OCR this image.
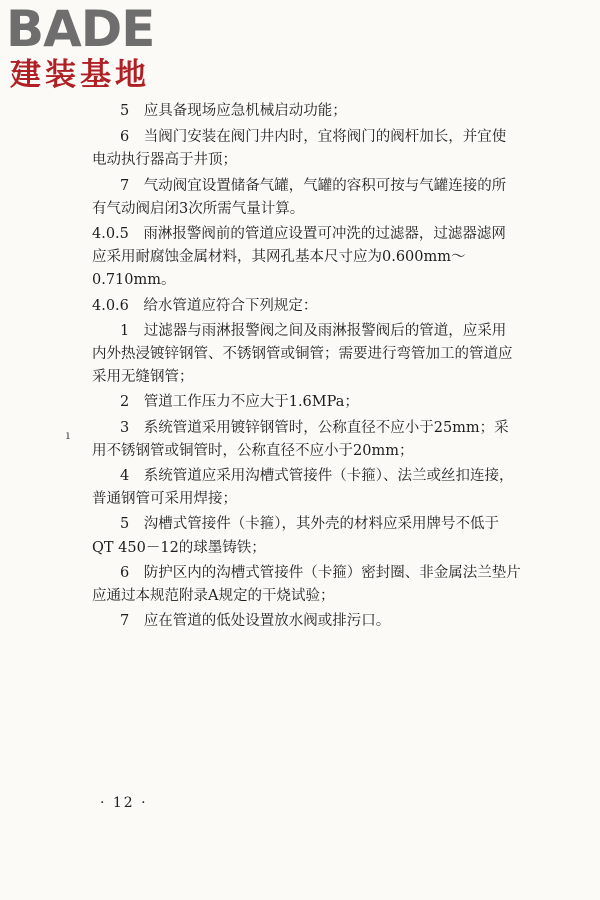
BADE
建装基地
5　应具备现场应急机械启动功能；
6　当阀门安装在阀门井内时，宜将阀门的阀杆加长，并宜使
电动执行器高于井顶；
7　气动阀宜设置储备气罐，气罐的容积可按与气罐连接的所
有气动阀启闭3次所需气量计算。
4.0.5　雨淋报警阀前的管道应设置可冲洗的过滤器，过滤器滤网
应采用耐腐蚀金属材料，其网孔基本尺寸应为0.600mm～
0.710mm。
4.0.6　给水管道应符合下列规定：
1　过滤器与雨淋报警阀之间及雨淋报警阀后的管道，应采用
内外热浸镀锌钢管、不锈钢管或铜管；需要进行弯管加工的管道应
采用无缝钢管；
2　管道工作压力不应大于1.6MPa；
3　系统管道采用镀锌钢管时，公称直径不应小于25mm；采
用不锈钢管或铜管时，公称直径不应小于20mm；
4　系统管道应采用沟槽式管接件（卡箍）、法兰或丝扣连接，
普通钢管可采用焊接；
5　沟槽式管接件（卡箍），其外壳的材料应采用牌号不低于
QT 450－12的球墨铸铁；
6　防护区内的沟槽式管接件（卡箍）密封圈、非金属法兰垫片
应通过本规范附录A规定的干烧试验；
7　应在管道的低处设置放水阀或排污口。
ı
· 12 ·
